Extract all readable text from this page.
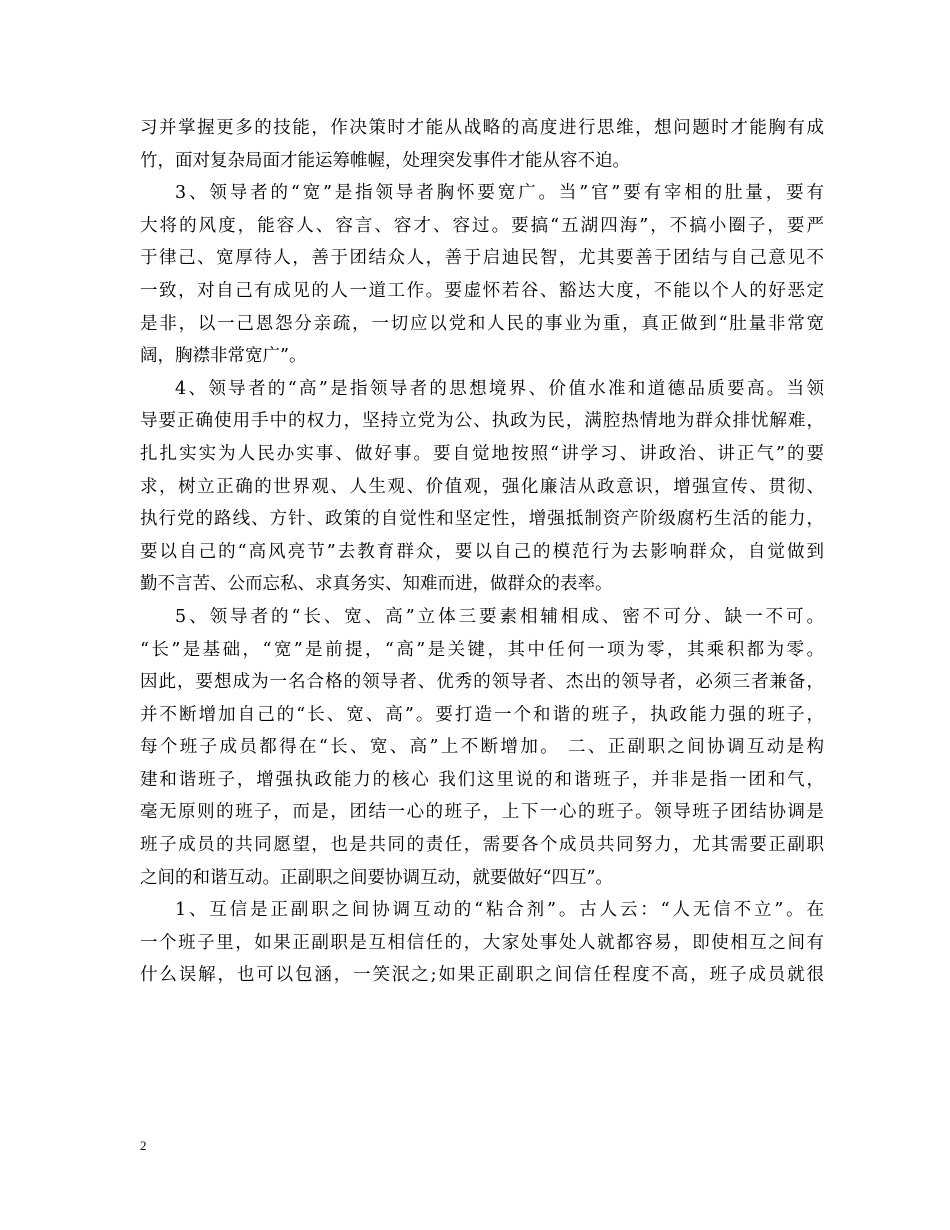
习并掌握更多的技能，作决策时才能从战略的高度进行思维，想问题时才能胸有成
竹，面对复杂局面才能运筹帷幄，处理突发事件才能从容不迫。
3、领导者的“宽”是指领导者胸怀要宽广。当”官”要有宰相的肚量，要有
大将的风度，能容人、容言、容才、容过。要搞“五湖四海”，不搞小圈子，要严
于律己、宽厚待人，善于团结众人，善于启迪民智，尤其要善于团结与自己意见不
一致，对自己有成见的人一道工作。要虚怀若谷、豁达大度，不能以个人的好恶定
是非，以一己恩怨分亲疏，一切应以党和人民的事业为重，真正做到“肚量非常宽
阔，胸襟非常宽广”。
4、领导者的“高”是指领导者的思想境界、价值水准和道德品质要高。当领
导要正确使用手中的权力，坚持立党为公、执政为民，满腔热情地为群众排忧解难，
扎扎实实为人民办实事、做好事。要自觉地按照“讲学习、讲政治、讲正气”的要
求，树立正确的世界观、人生观、价值观，强化廉洁从政意识，增强宣传、贯彻、
执行党的路线、方针、政策的自觉性和坚定性，增强抵制资产阶级腐朽生活的能力，
要以自己的“高风亮节”去教育群众，要以自己的模范行为去影响群众，自觉做到
勤不言苦、公而忘私、求真务实、知难而进，做群众的表率。
5、领导者的“长、宽、高”立体三要素相辅相成、密不可分、缺一不可。
“长”是基础，“宽”是前提，“高”是关键，其中任何一项为零，其乘积都为零。
因此，要想成为一名合格的领导者、优秀的领导者、杰出的领导者，必须三者兼备，
并不断增加自己的“长、宽、高”。要打造一个和谐的班子，执政能力强的班子，
每个班子成员都得在“长、宽、高”上不断增加。 二、正副职之间协调互动是构
建和谐班子，增强执政能力的核心 我们这里说的和谐班子，并非是指一团和气，
毫无原则的班子，而是，团结一心的班子，上下一心的班子。领导班子团结协调是
班子成员的共同愿望，也是共同的责任，需要各个成员共同努力，尤其需要正副职
之间的和谐互动。正副职之间要协调互动，就要做好“四互”。
1、互信是正副职之间协调互动的“粘合剂”。古人云：“人无信不立”。在
一个班子里，如果正副职是互相信任的，大家处事处人就都容易，即使相互之间有
什么误解，也可以包涵，一笑泯之;如果正副职之间信任程度不高，班子成员就很
2
